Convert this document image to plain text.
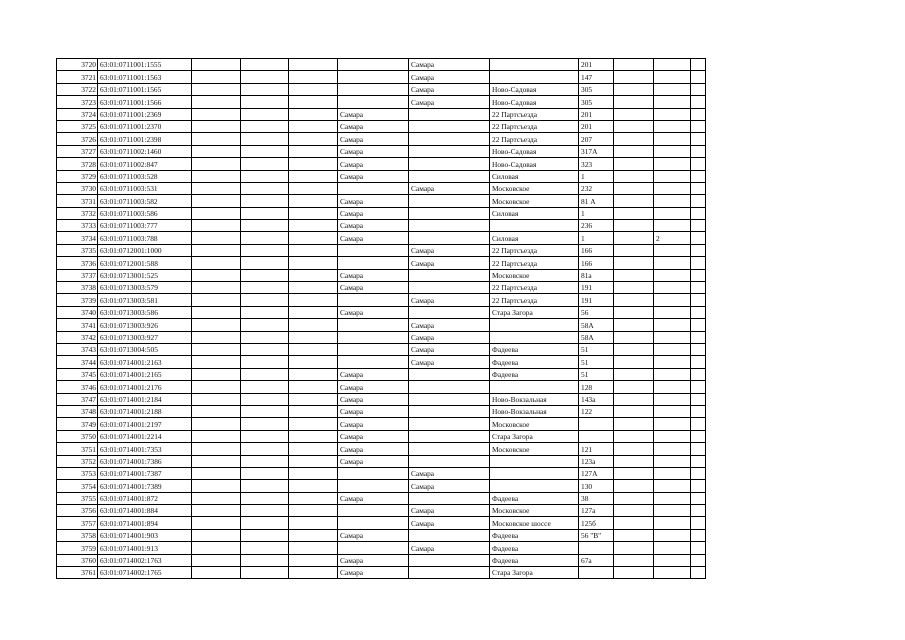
3720	63:01:0711001:1555					Самара		201			
3721	63:01:0711001:1563					Самара		147			
3722	63:01:0711001:1565					Самара	Ново-Садовая	305			
3723	63:01:0711001:1566					Самара	Ново-Садовая	305			
3724	63:01:0711001:2369				Самара		22 Партсъезда	201			
3725	63:01:0711001:2370				Самара		22 Партсъезда	201			
3726	63:01:0711001:2398				Самара		22 Партсъезда	207			
3727	63:01:0711002:1460				Самара		Ново-Садовая	317А			
3728	63:01:0711002:847				Самара		Ново-Садовая	323			
3729	63:01:0711003:528				Самара		Силовая	1			
3730	63:01:0711003:531					Самара	Московское	232			
3731	63:01:0711003:582				Самара		Московское	81 А			
3732	63:01:0711003:586				Самара		Силовая	1			
3733	63:01:0711003:777				Самара			236			
3734	63:01:0711003:788				Самара		Силовая	1		2	
3735	63:01:0712001:1000					Самара	22 Партсъезда	166			
3736	63:01:0712001:588					Самара	22 Партсъезда	166			
3737	63:01:0713001:525				Самара		Московское	81а			
3738	63:01:0713003:579				Самара		22 Партсъезда	191			
3739	63:01:0713003:581					Самара	22 Партсъезда	191			
3740	63:01:0713003:586				Самара		Стара Загора	56			
3741	63:01:0713003:926					Самара		58А			
3742	63:01:0713003:927					Самара		58А			
3743	63:01:0713004:505					Самара	Фадеева	51			
3744	63:01:0714001:2163					Самара	Фадеева	51			
3745	63:01:0714001:2165				Самара		Фадеева	51			
3746	63:01:0714001:2176				Самара			128			
3747	63:01:0714001:2184				Самара		Ново-Вокзальная	143а			
3748	63:01:0714001:2188				Самара		Ново-Вокзальная	122			
3749	63:01:0714001:2197				Самара		Московское				
3750	63:01:0714001:2214				Самара		Стара Загора				
3751	63:01:0714001:7353				Самара		Московское	121			
3752	63:01:0714001:7386				Самара			123а			
3753	63:01:0714001:7387					Самара		127А			
3754	63:01:0714001:7389					Самара		130			
3755	63:01:0714001:872				Самара		Фадеева	38			
3756	63:01:0714001:884					Самара	Московское	127а			
3757	63:01:0714001:894					Самара	Московское шоссе	125б			
3758	63:01:0714001:903				Самара		Фадеева	56 "В"			
3759	63:01:0714001:913					Самара	Фадеева				
3760	63:01:0714002:1763				Самара		Фадеева	67а			
3761	63:01:0714002:1765				Самара		Стара Загора				
